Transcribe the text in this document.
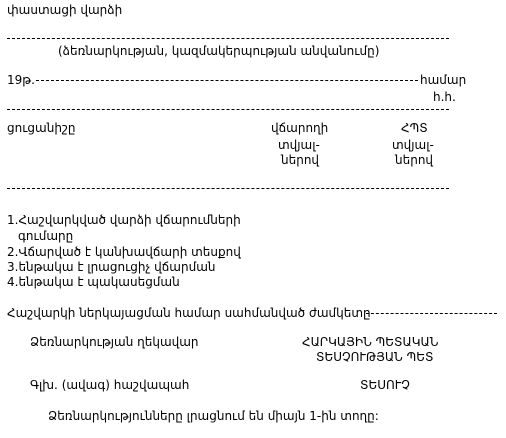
փաստացի վարձի
(ձեռնարկության, կազմակերպության անվանումը)
19թ.	համար
հ.հ.
ցուցանիշը	վճարողի	ՀՊՏ
տվյալ-
ներով
տվյալ-
ներով
1.Հաշվարկված վարձի վճարումների
գումարը
2.Վճարված է կանխավճարի տեսքով
3.ենթակա է լրացուցիչ վճարման
4.ենթակա է պակասեցման
Հաշվարկի ներկայացման համար սահմանված ժամկետը
Ձեռնարկության ղեկավար	ՀԱՐԿԱՅԻՆ ՊԵՏԱԿԱՆ
ՏԵՍՉՈՒԹՅԱՆ ՊԵՏ
Գլխ. (ավագ) հաշվապահ	ՏԵՍՈՒՉ
Ձեռնարկությունները լրացնում են միայն 1-ին տողը:
